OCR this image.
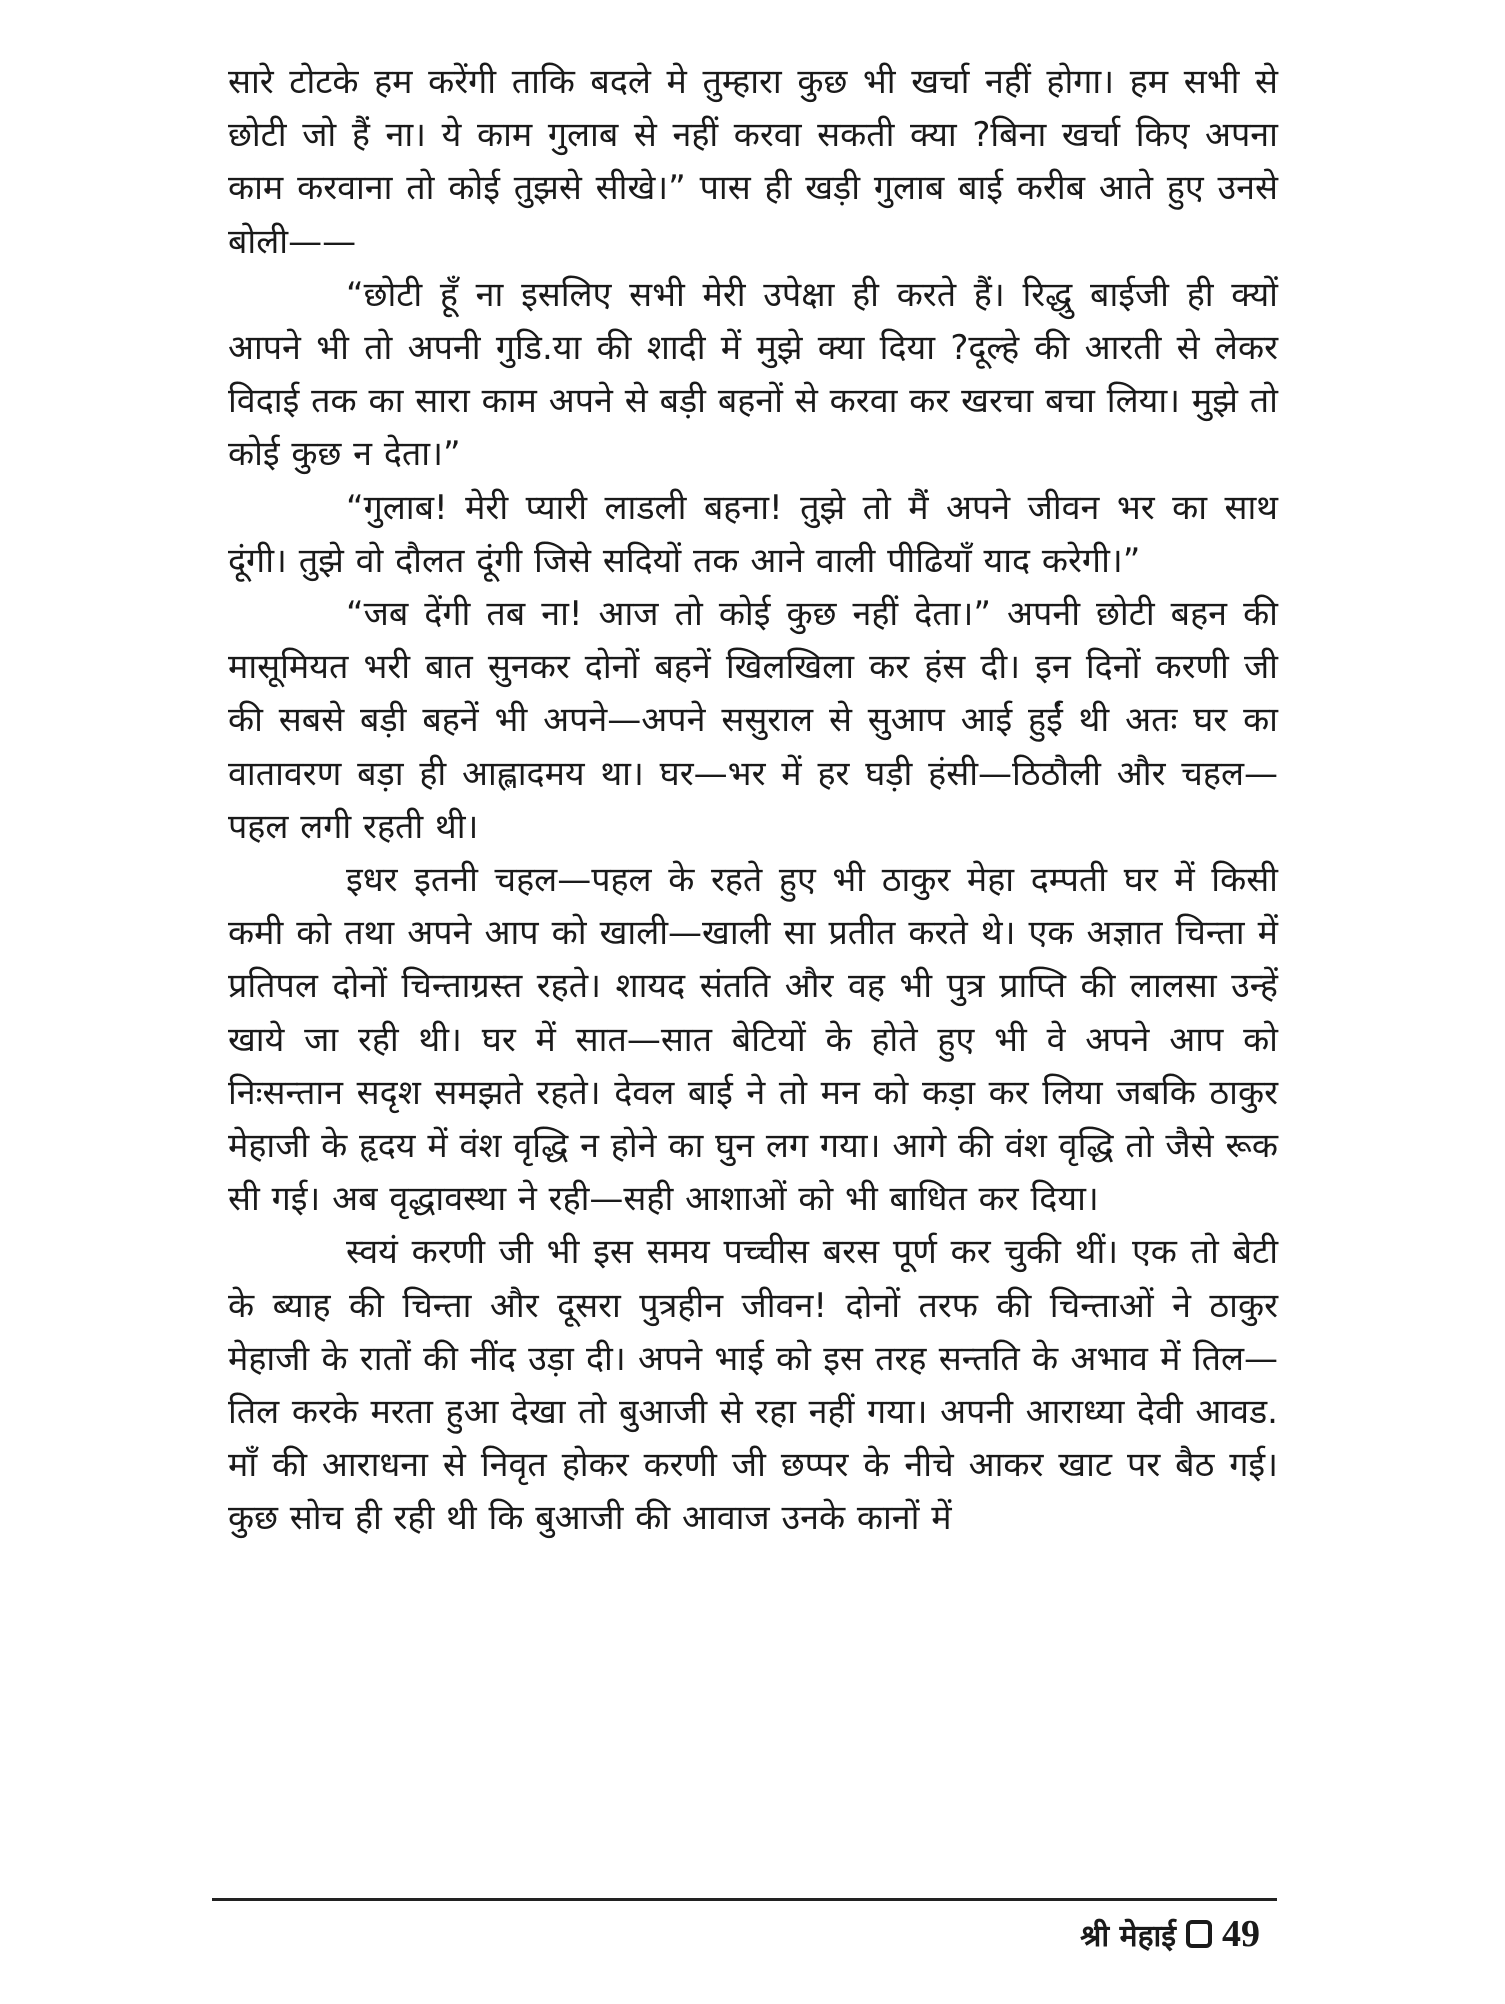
सारे टोटके हम करेंगी ताकि बदले मे तुम्हारा कुछ भी खर्चा नहीं होगा। हम सभी से छोटी जो हैं ना। ये काम गुलाब से नहीं करवा सकती क्या ?बिना खर्चा किए अपना काम करवाना तो कोई तुझसे सीखे।” पास ही खड़ी गुलाब बाई करीब आते हुए उनसे बोली——

“छोटी हूँ ना इसलिए सभी मेरी उपेक्षा ही करते हैं। रिद्धु बाईजी ही क्यों आपने भी तो अपनी गुडि.या की शादी में मुझे क्या दिया ?दूल्हे की आरती से लेकर विदाई तक का सारा काम अपने से बड़ी बहनों से करवा कर खरचा बचा लिया। मुझे तो कोई कुछ न देता।”

“गुलाब! मेरी प्यारी लाडली बहना! तुझे तो मैं अपने जीवन भर का साथ दूंगी। तुझे वो दौलत दूंगी जिसे सदियों तक आने वाली पीढियाँ याद करेगी।”

“जब देंगी तब ना! आज तो कोई कुछ नहीं देता।” अपनी छोटी बहन की मासूमियत भरी बात सुनकर दोनों बहनें खिलखिला कर हंस दी। इन दिनों करणी जी की सबसे बड़ी बहनें भी अपने—अपने ससुराल से सुआप आई हुईं थी अतः घर का वातावरण बड़ा ही आह्लादमय था। घर—भर में हर घड़ी हंसी—ठिठौली और चहल—पहल लगी रहती थी।

इधर इतनी चहल—पहल के रहते हुए भी ठाकुर मेहा दम्पती घर में किसी कमी को तथा अपने आप को खाली—खाली सा प्रतीत करते थे। एक अज्ञात चिन्ता में प्रतिपल दोनों चिन्ताग्रस्त रहते। शायद संतति और वह भी पुत्र प्राप्ति की लालसा उन्हें खाये जा रही थी। घर में सात—सात बेटियों के होते हुए भी वे अपने आप को निःसन्तान सदृश समझते रहते। देवल बाई ने तो मन को कड़ा कर लिया जबकि ठाकुर मेहाजी के हृदय में वंश वृद्धि न होने का घुन लग गया। आगे की वंश वृद्धि तो जैसे रूक सी गई। अब वृद्धावस्था ने रही—सही आशाओं को भी बाधित कर दिया।

स्वयं करणी जी भी इस समय पच्चीस बरस पूर्ण कर चुकी थीं। एक तो बेटी के ब्याह की चिन्ता और दूसरा पुत्रहीन जीवन! दोनों तरफ की चिन्ताओं ने ठाकुर मेहाजी के रातों की नींद उड़ा दी। अपने भाई को इस तरह सन्तति के अभाव में तिल—तिल करके मरता हुआ देखा तो बुआजी से रहा नहीं गया। अपनी आराध्या देवी आवड. माँ की आराधना से निवृत होकर करणी जी छप्पर के नीचे आकर खाट पर बैठ गई। कुछ सोच ही रही थी कि बुआजी की आवाज उनके कानों में

श्री मेहाई 49
